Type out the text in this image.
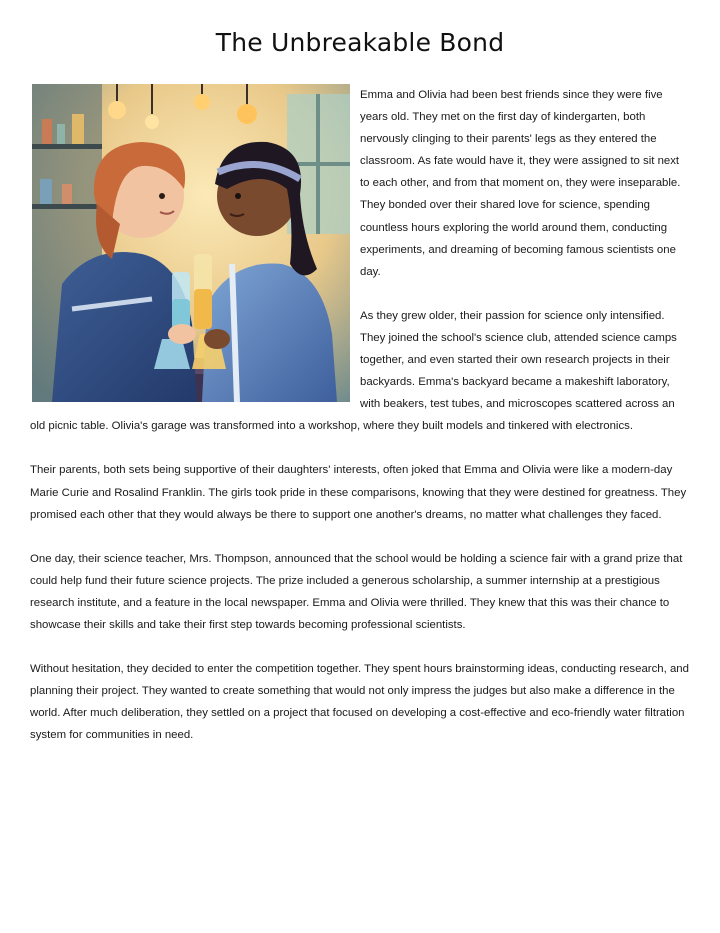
The Unbreakable Bond

Emma and Olivia had been best friends since they were five years old. They met on the first day of kindergarten, both nervously clinging to their parents' legs as they entered the classroom. As fate would have it, they were assigned to sit next to each other, and from that moment on, they were inseparable. They bonded over their shared love for science, spending countless hours exploring the world around them, conducting experiments, and dreaming of becoming famous scientists one day.

As they grew older, their passion for science only intensified. They joined the school's science club, attended science camps together, and even started their own research projects in their backyards. Emma's backyard became a makeshift laboratory, with beakers, test tubes, and microscopes scattered across an old picnic table. Olivia's garage was transformed into a workshop, where they built models and tinkered with electronics.

Their parents, both sets being supportive of their daughters' interests, often joked that Emma and Olivia were like a modern-day Marie Curie and Rosalind Franklin. The girls took pride in these comparisons, knowing that they were destined for greatness. They promised each other that they would always be there to support one another's dreams, no matter what challenges they faced.

One day, their science teacher, Mrs. Thompson, announced that the school would be holding a science fair with a grand prize that could help fund their future science projects. The prize included a generous scholarship, a summer internship at a prestigious research institute, and a feature in the local newspaper. Emma and Olivia were thrilled. They knew that this was their chance to showcase their skills and take their first step towards becoming professional scientists.

Without hesitation, they decided to enter the competition together. They spent hours brainstorming ideas, conducting research, and planning their project. They wanted to create something that would not only impress the judges but also make a difference in the world. After much deliberation, they settled on a project that focused on developing a cost-effective and eco-friendly water filtration system for communities in need.
